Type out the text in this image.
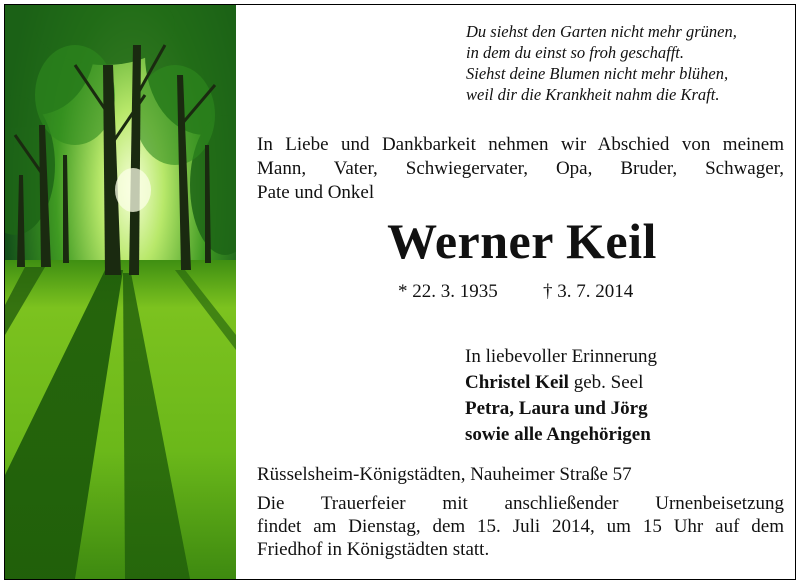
Du siehst den Garten nicht mehr grünen,
in dem du einst so froh geschafft.
Siehst deine Blumen nicht mehr blühen,
weil dir die Krankheit nahm die Kraft.
In Liebe und Dankbarkeit nehmen wir Abschied von meinem
Mann, Vater, Schwiegervater, Opa, Bruder, Schwager,
Pate und Onkel
Werner Keil
* 22. 3. 1935 † 3. 7. 2014
In liebevoller Erinnerung
Christel Keil geb. Seel
Petra, Laura und Jörg
sowie alle Angehörigen
Rüsselsheim-Königstädten, Nauheimer Straße 57
Die Trauerfeier mit anschließender Urnenbeisetzung
findet am Dienstag, dem 15. Juli 2014, um 15 Uhr auf dem
Friedhof in Königstädten statt.
